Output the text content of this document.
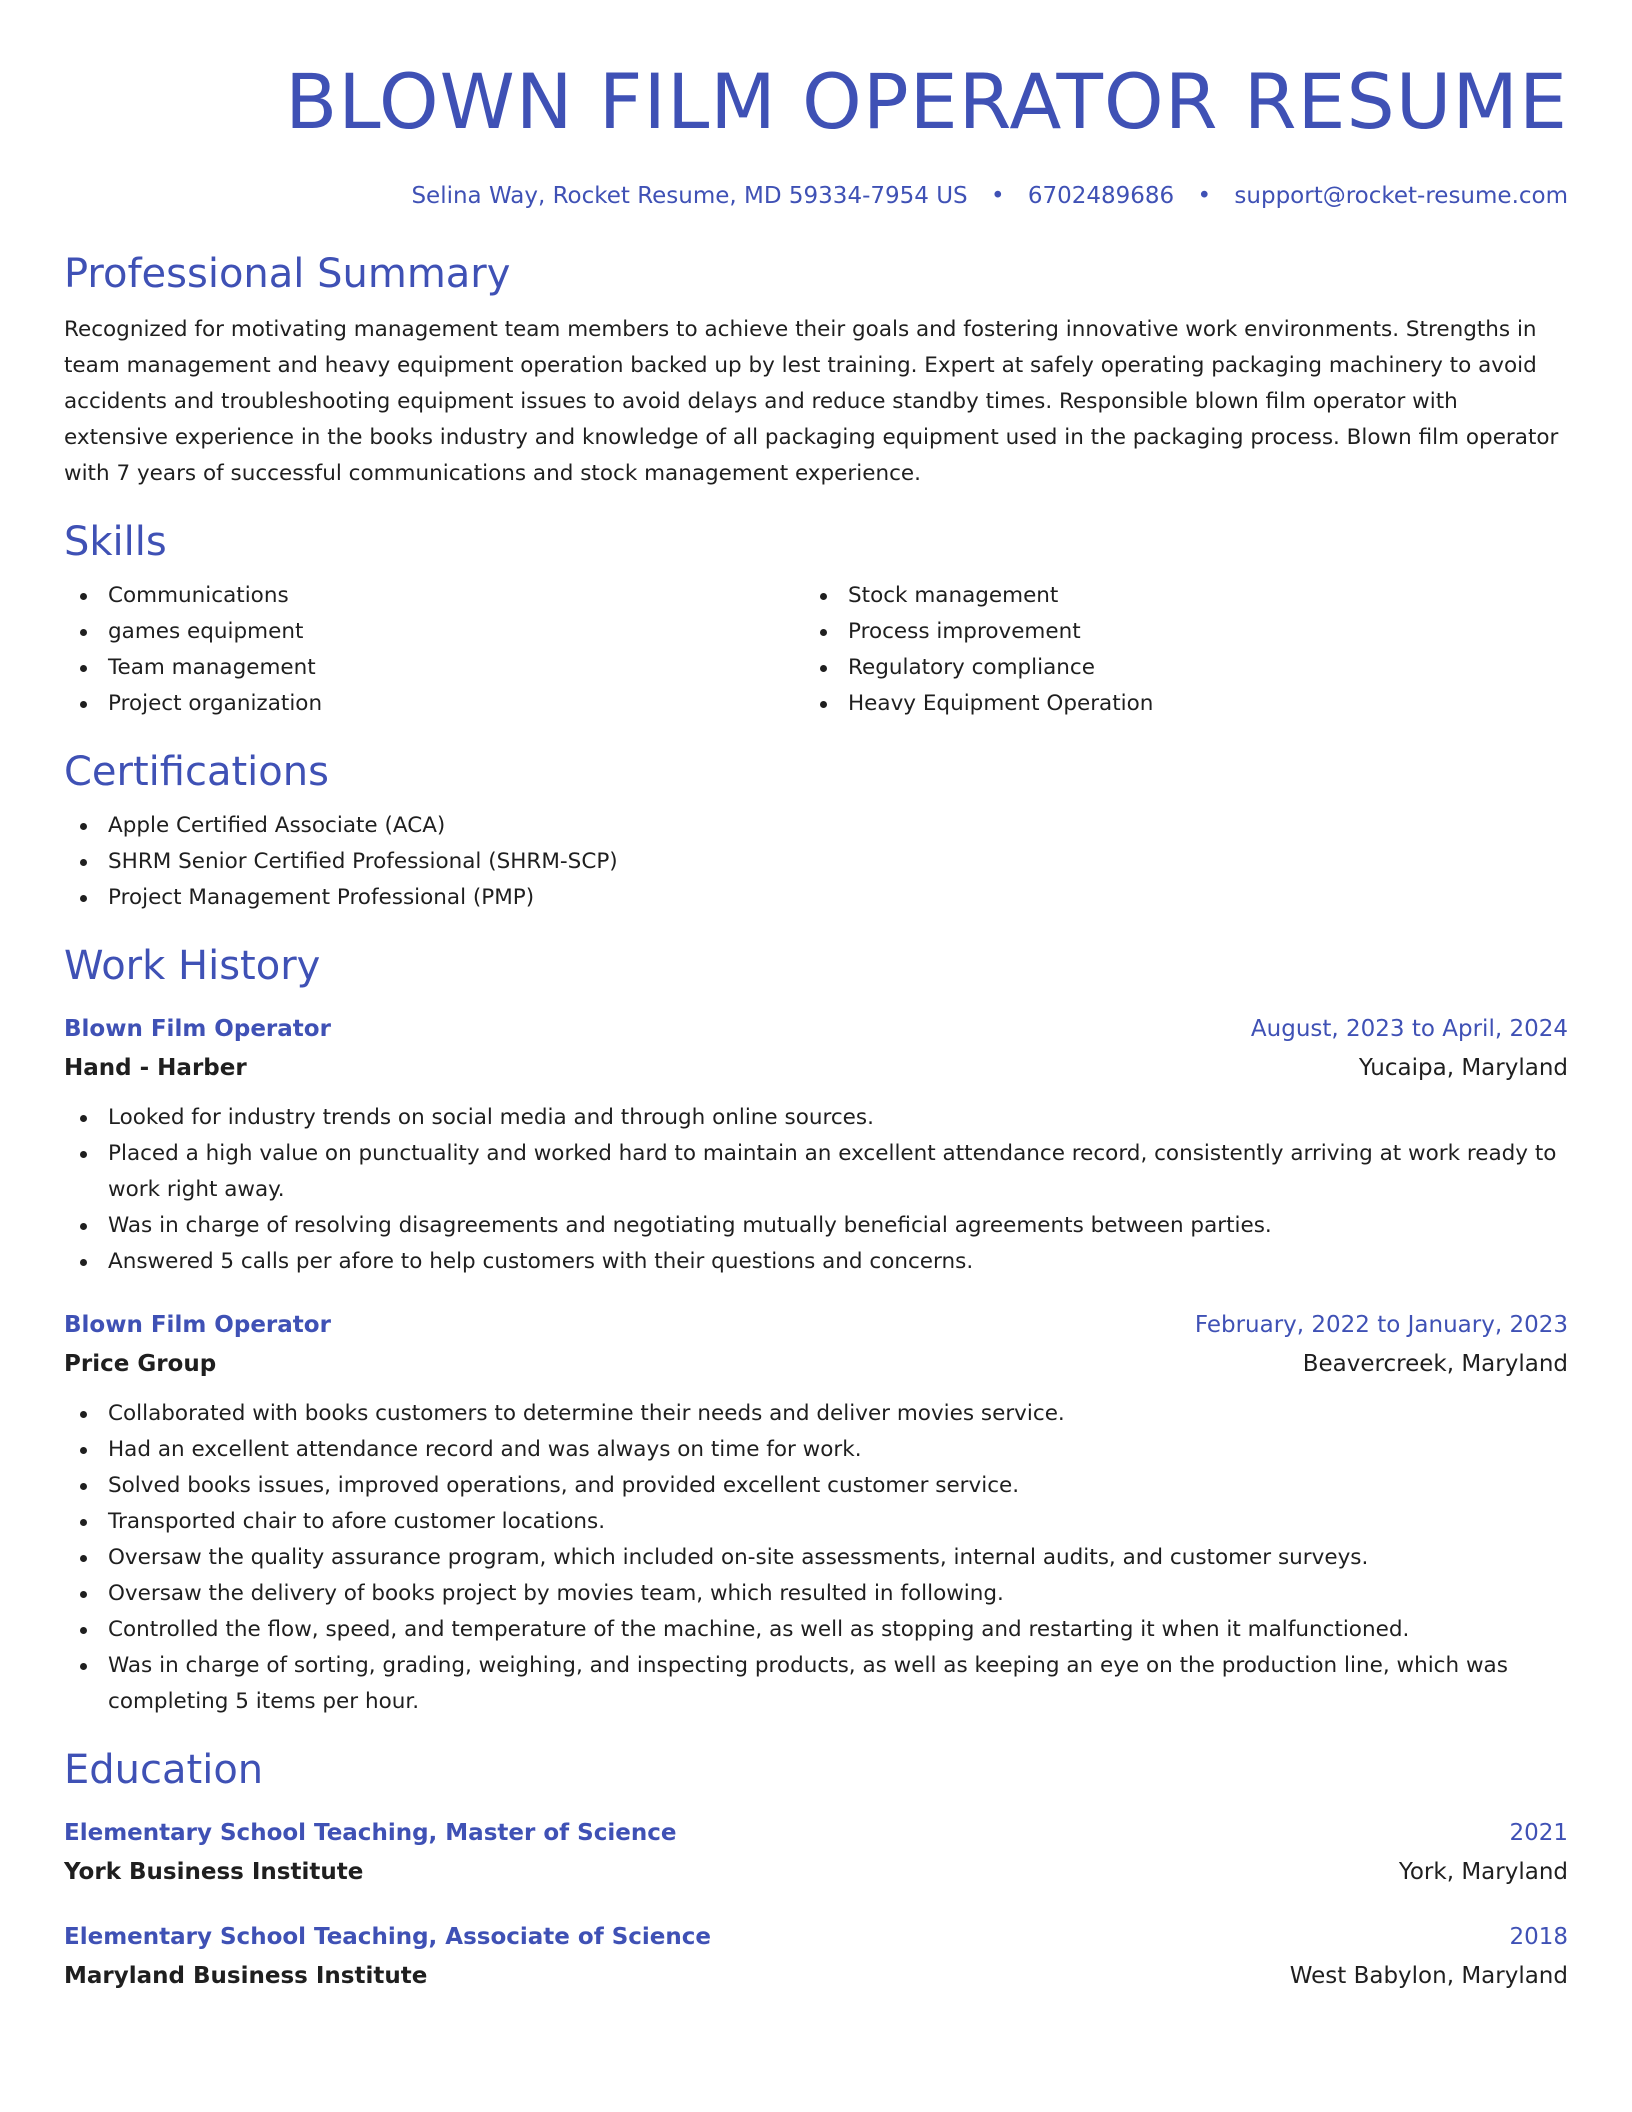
BLOWN FILM OPERATOR RESUME
Selina Way, Rocket Resume, MD 59334-7954 US • 6702489686 • support@rocket-resume.com
Professional Summary

Recognized for motivating management team members to achieve their goals and fostering innovative work environments. Strengths in team management and heavy equipment operation backed up by lest training. Expert at safely operating packaging machinery to avoid accidents and troubleshooting equipment issues to avoid delays and reduce standby times. Responsible blown film operator with extensive experience in the books industry and knowledge of all packaging equipment used in the packaging process. Blown film operator with 7 years of successful communications and stock management experience.

Skills
Communications
games equipment
Team management
Project organization
Stock management
Process improvement
Regulatory compliance
Heavy Equipment Operation
Certifications
Apple Certified Associate (ACA)
SHRM Senior Certified Professional (SHRM-SCP)
Project Management Professional (PMP)
Work History
Blown Film Operator	August, 2023 to April, 2024
Hand - Harber	Yucaipa, Maryland
Looked for industry trends on social media and through online sources.
Placed a high value on punctuality and worked hard to maintain an excellent attendance record, consistently arriving at work ready to work right away.
Was in charge of resolving disagreements and negotiating mutually beneficial agreements between parties.
Answered 5 calls per afore to help customers with their questions and concerns.
Blown Film Operator	February, 2022 to January, 2023
Price Group	Beavercreek, Maryland
Collaborated with books customers to determine their needs and deliver movies service.
Had an excellent attendance record and was always on time for work.
Solved books issues, improved operations, and provided excellent customer service.
Transported chair to afore customer locations.
Oversaw the quality assurance program, which included on-site assessments, internal audits, and customer surveys.
Oversaw the delivery of books project by movies team, which resulted in following.
Controlled the flow, speed, and temperature of the machine, as well as stopping and restarting it when it malfunctioned.
Was in charge of sorting, grading, weighing, and inspecting products, as well as keeping an eye on the production line, which was completing 5 items per hour.
Education
Elementary School Teaching, Master of Science	2021
York Business Institute	York, Maryland
Elementary School Teaching, Associate of Science	2018
Maryland Business Institute	West Babylon, Maryland
